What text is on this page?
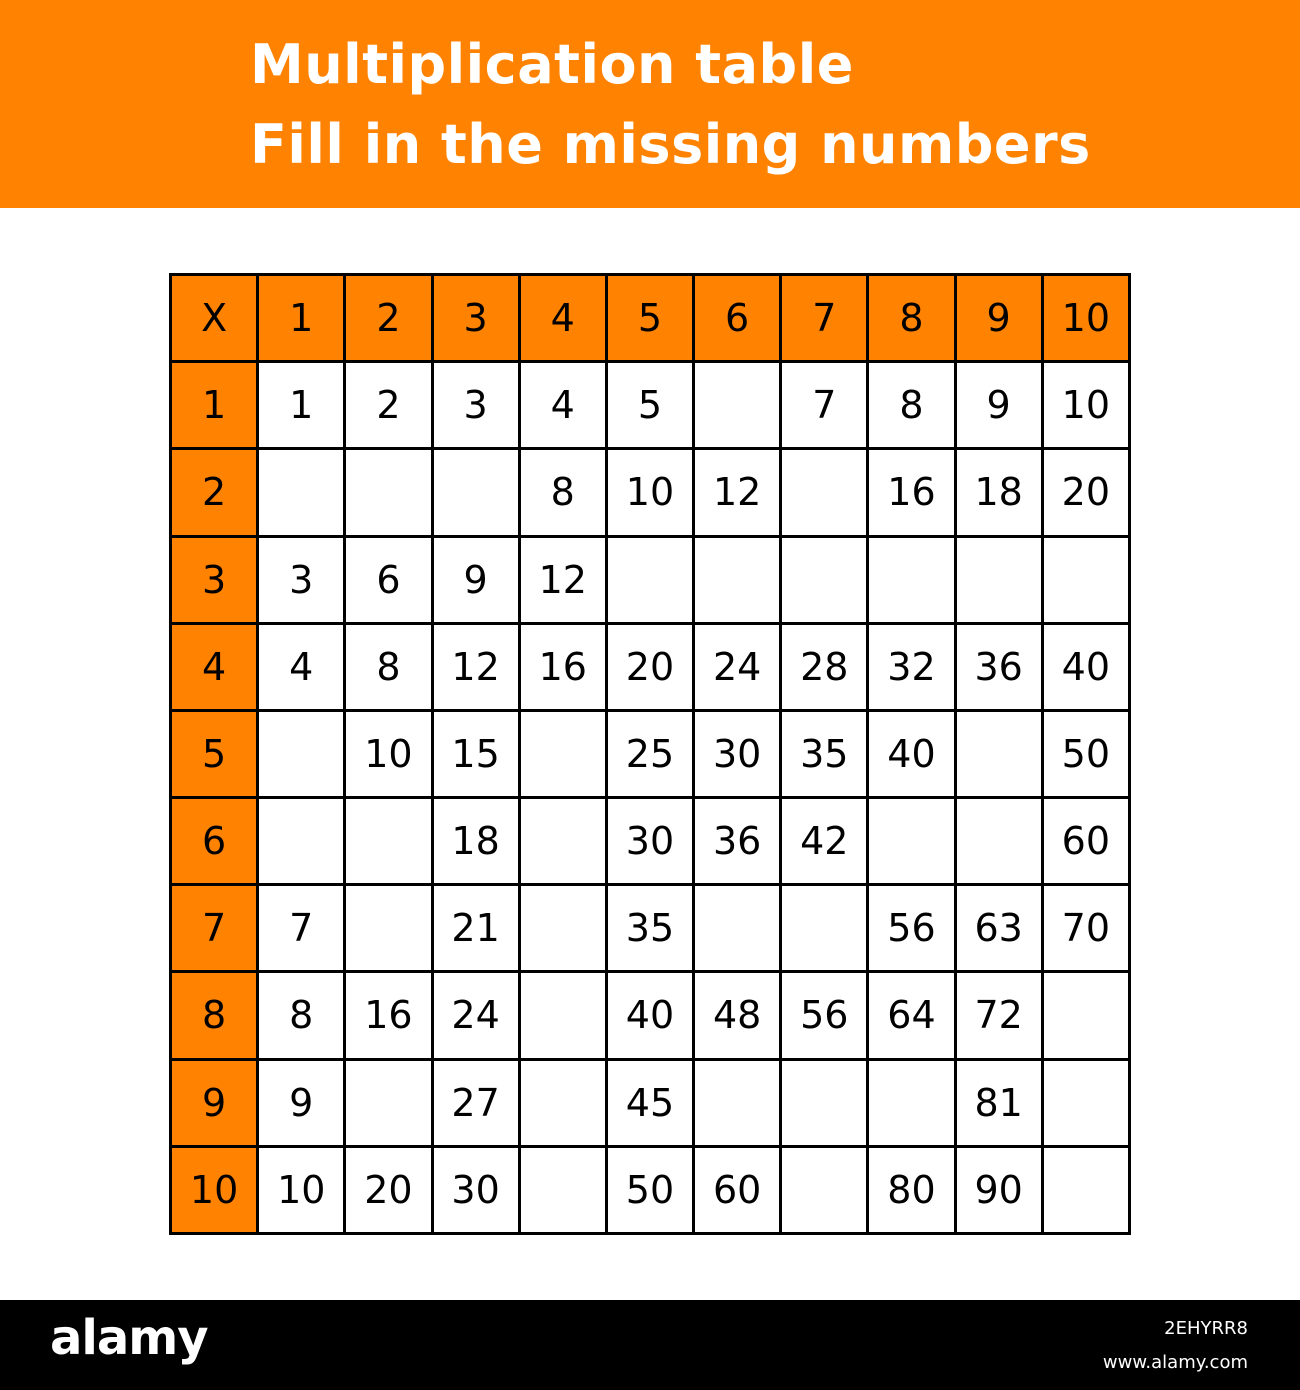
Multiplication table
Fill in the missing numbers
X	1	2	3	4	5	6	7	8	9	10
1	1	2	3	4	5		7	8	9	10
2				8	10	12		16	18	20
3	3	6	9	12						
4	4	8	12	16	20	24	28	32	36	40
5		10	15		25	30	35	40		50
6			18		30	36	42			60
7	7		21		35			56	63	70
8	8	16	24		40	48	56	64	72	
9	9		27		45				81	
10	10	20	30		50	60		80	90	
alamy	2EHYRR8
www.alamy.com
